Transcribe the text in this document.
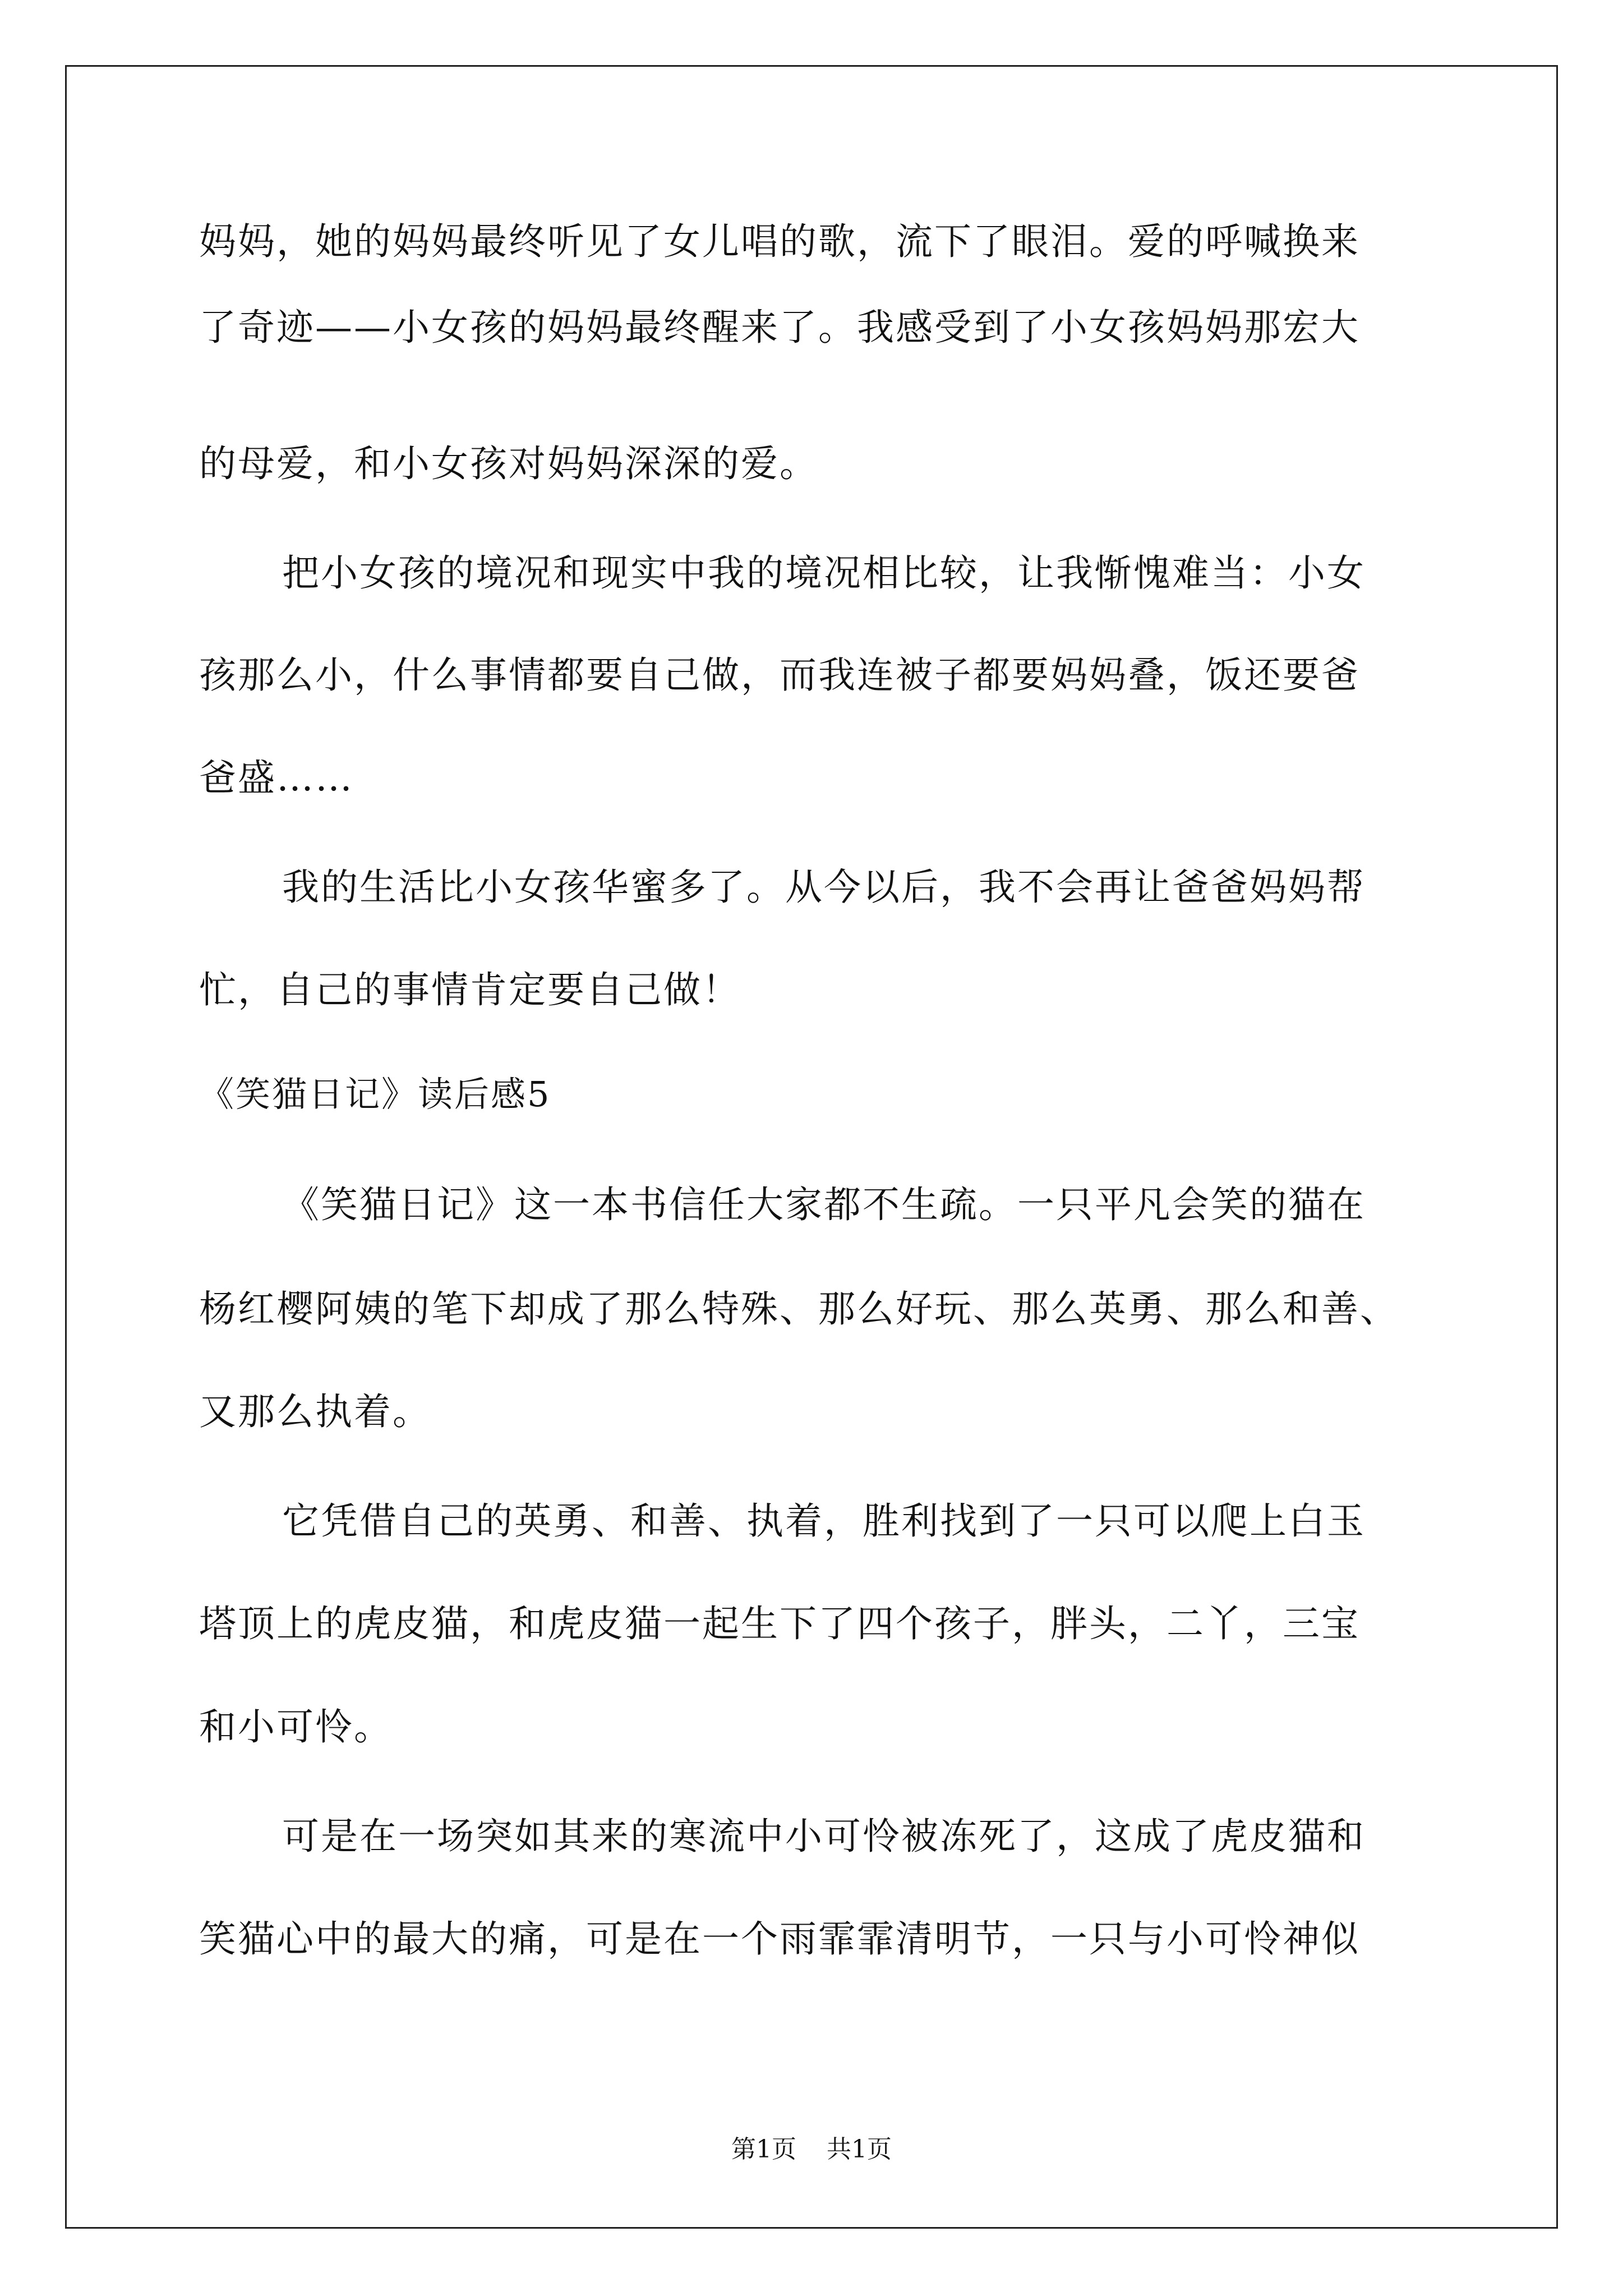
妈妈，她的妈妈最终听见了女儿唱的歌，流下了眼泪。爱的呼喊换来
了奇迹——小女孩的妈妈最终醒来了。我感受到了小女孩妈妈那宏大
的母爱，和小女孩对妈妈深深的爱。
把小女孩的境况和现实中我的境况相比较，让我惭愧难当：小女
孩那么小，什么事情都要自己做，而我连被子都要妈妈叠，饭还要爸
爸盛……
我的生活比小女孩华蜜多了。从今以后，我不会再让爸爸妈妈帮
忙，自己的事情肯定要自己做！
《笑猫日记》读后感5
《笑猫日记》这一本书信任大家都不生疏。一只平凡会笑的猫在
杨红樱阿姨的笔下却成了那么特殊、那么好玩、那么英勇、那么和善、
又那么执着。
它凭借自己的英勇、和善、执着，胜利找到了一只可以爬上白玉
塔顶上的虎皮猫，和虎皮猫一起生下了四个孩子，胖头，二丫，三宝
和小可怜。
可是在一场突如其来的寒流中小可怜被冻死了，这成了虎皮猫和
笑猫心中的最大的痛，可是在一个雨霏霏清明节，一只与小可怜神似
第1页 共1页
